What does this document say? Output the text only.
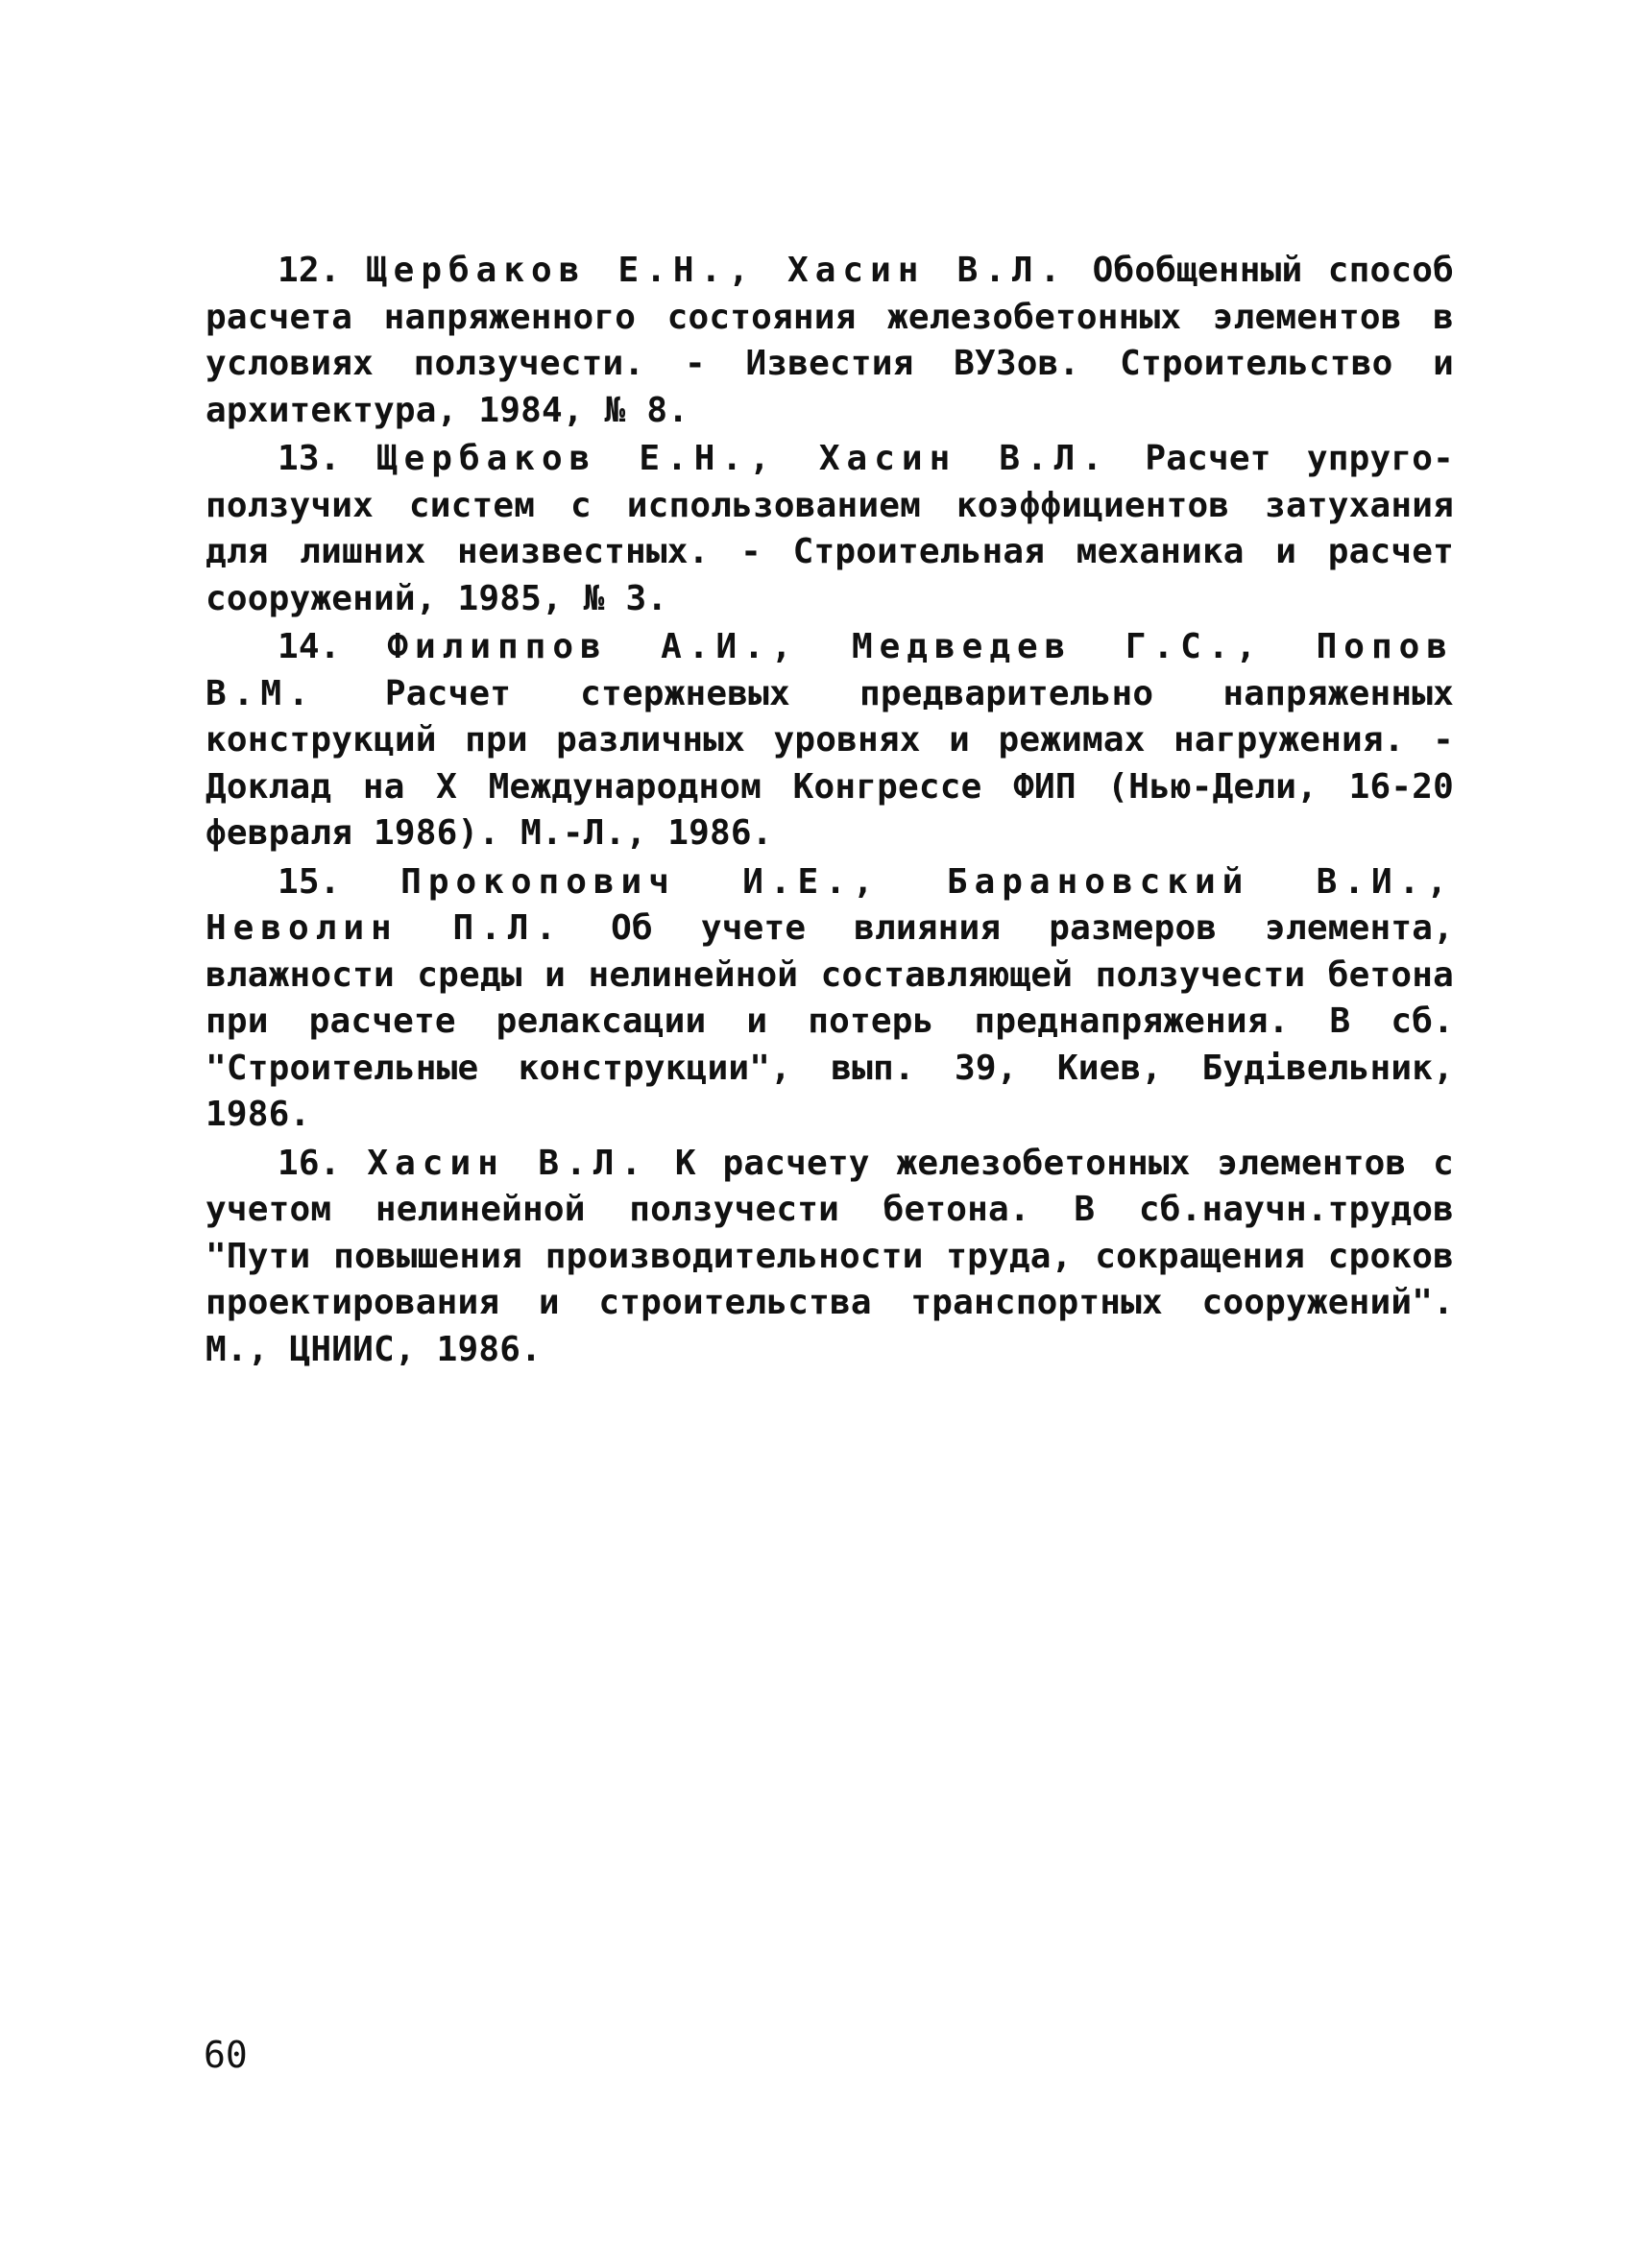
12. Щербаков Е.Н., Хасин В.Л. Обобщенный способ расчета напряженного состояния железобетонных элементов в условиях ползучести. - Известия ВУЗов. Строительство и архитектура, 1984, № 8.

13. Щербаков Е.Н., Хасин В.Л. Расчет упруго-ползучих систем с использованием коэффициентов затухания для лишних неизвестных. - Строительная механика и расчет сооружений, 1985, № 3.

14. Филиппов А.И., Медведев Г.С., Попов В.М. Расчет стержневых предварительно напряженных конструкций при различных уровнях и режимах нагружения. - Доклад на X Международном Конгрессе ФИП (Нью-Дели, 16-20 февраля 1986). М.-Л., 1986.

15. Прокопович И.Е., Барановский В.И., Неволин П.Л. Об учете влияния размеров элемента, влажности среды и нелинейной составляющей ползучести бетона при расчете релаксации и потерь преднапряжения. В сб. "Строительные конструкции", вып. 39, Киев, Будівельник, 1986.

16. Хасин В.Л. К расчету железобетонных элементов с учетом нелинейной ползучести бетона. В сб.научн.трудов "Пути повышения производительности труда, сокращения сроков проектирования и строительства транспортных сооружений". М., ЦНИИС, 1986.

60
